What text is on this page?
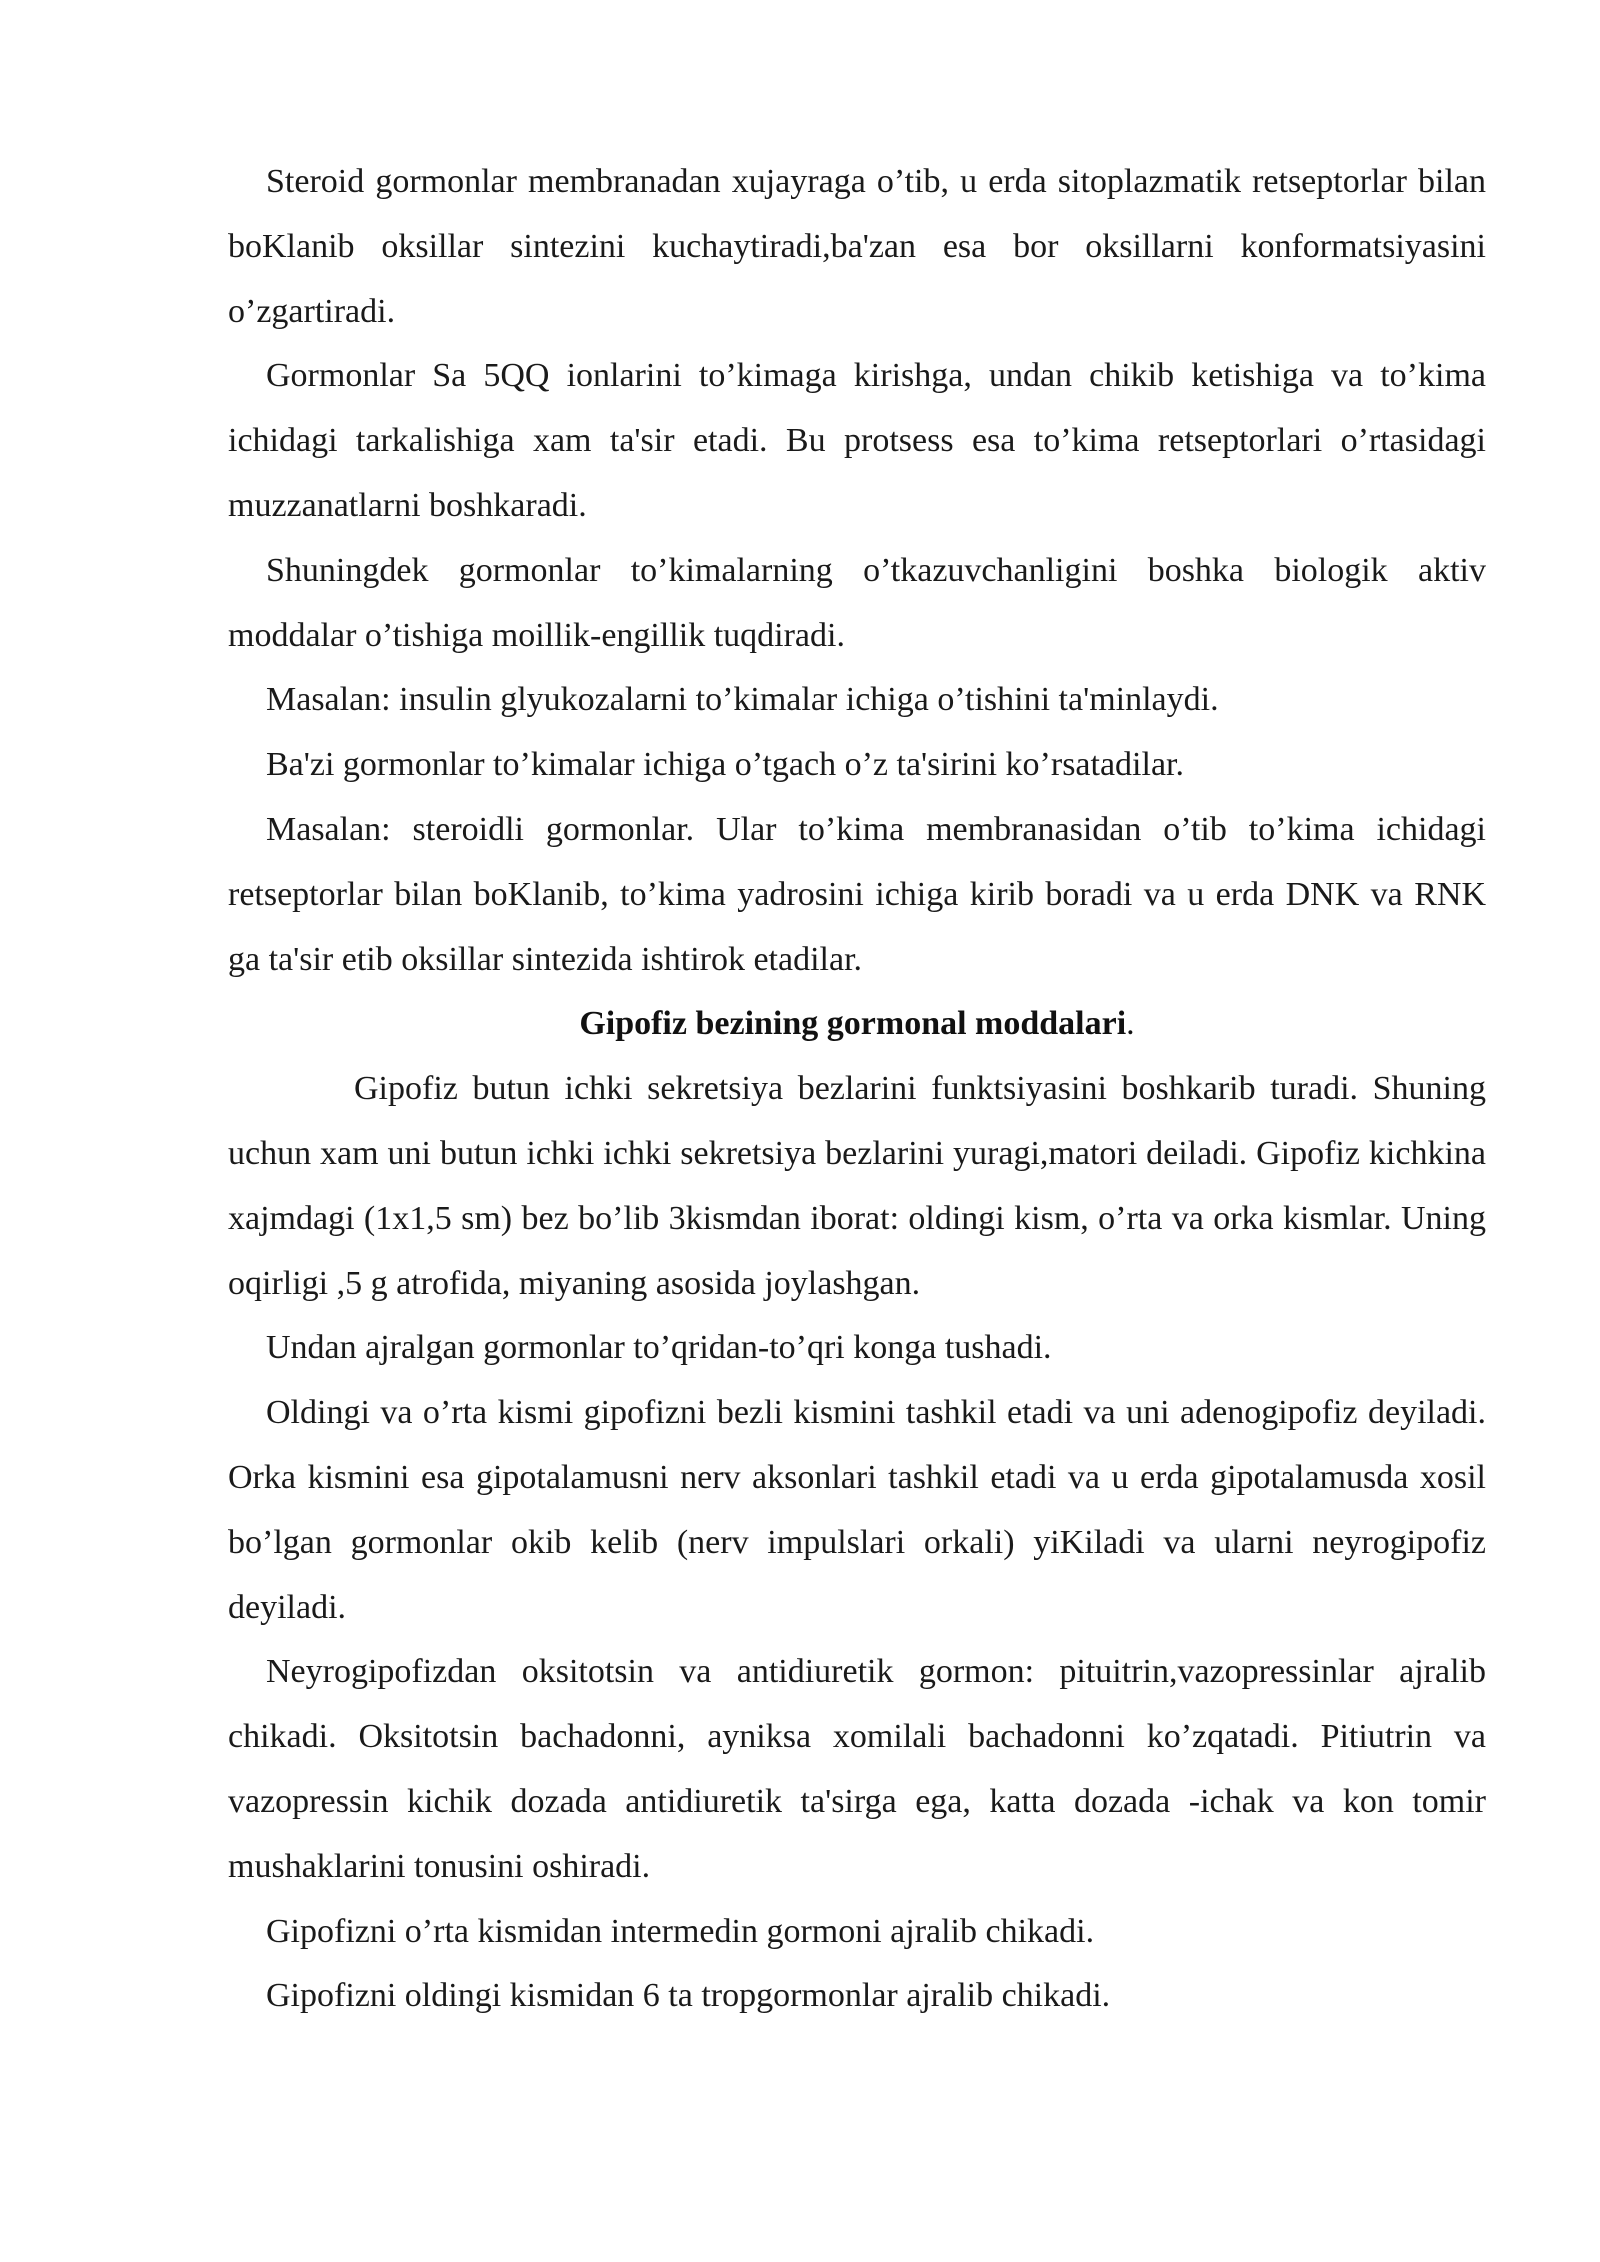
Steroid gormonlar membranadan xujayraga o’tib, u erda sitoplazmatik retseptorlar bilan boKlanib oksillar sintezini kuchaytiradi,ba'zan esa bor oksillarni konformatsiyasini o’zgartiradi.

Gormonlar Sa 5QQ ionlarini to’kimaga kirishga, undan chikib ketishiga va to’kima ichidagi tarkalishiga xam ta'sir etadi. Bu protsess esa to’kima retseptorlari o’rtasidagi muzzanatlarni boshkaradi.

Shuningdek gormonlar to’kimalarning o’tkazuvchanligini boshka biologik aktiv moddalar o’tishiga moillik-engillik tuqdiradi.

Masalan: insulin glyukozalarni to’kimalar ichiga o’tishini ta'minlaydi.

Ba'zi gormonlar to’kimalar ichiga o’tgach o’z ta'sirini ko’rsatadilar.

Masalan: steroidli gormonlar. Ular to’kima membranasidan o’tib to’kima ichidagi retseptorlar bilan boKlanib, to’kima yadrosini ichiga kirib boradi va u erda DNK va RNK ga ta'sir etib oksillar sintezida ishtirok etadilar.

Gipofiz bezining gormonal moddalari.

Gipofiz butun ichki sekretsiya bezlarini funktsiyasini boshkarib turadi. Shuning uchun xam uni butun ichki ichki sekretsiya bezlarini yuragi,matori deiladi. Gipofiz kichkina xajmdagi (1x1,5 sm) bez bo’lib 3kismdan iborat: oldingi kism, o’rta va orka kismlar. Uning oqirligi ,5 g atrofida, miyaning asosida joylashgan.

Undan ajralgan gormonlar to’qridan-to’qri konga tushadi.

Oldingi va o’rta kismi gipofizni bezli kismini tashkil etadi va uni adenogipofiz deyiladi. Orka kismini esa gipotalamusni nerv aksonlari tashkil etadi va u erda gipotalamusda xosil bo’lgan gormonlar okib kelib (nerv impulslari orkali) yiKiladi va ularni neyrogipofiz deyiladi.

Neyrogipofizdan oksitotsin va antidiuretik gormon: pituitrin,vazopressinlar ajralib chikadi. Oksitotsin bachadonni, ayniksa xomilali bachadonni ko’zqatadi. Pitiutrin va vazopressin kichik dozada antidiuretik ta'sirga ega, katta dozada -ichak va kon tomir mushaklarini tonusini oshiradi.

Gipofizni o’rta kismidan intermedin gormoni ajralib chikadi.

Gipofizni oldingi kismidan 6 ta tropgormonlar ajralib chikadi.
